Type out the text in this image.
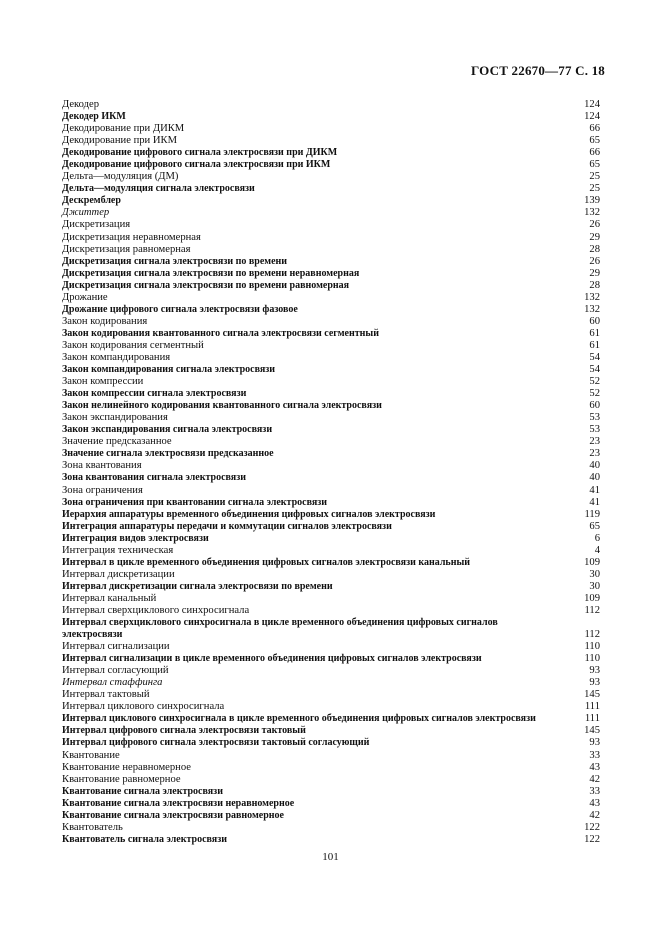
ГОСТ 22670—77 С. 18
Декодер	124
Декодер ИКМ	124
Декодирование при ДИКМ	66
Декодирование при ИКМ	65
Декодирование цифрового сигнала электросвязи при ДИКМ	66
Декодирование цифрового сигнала электросвязи при ИКМ	65
Дельта—модуляция (ДМ)	25
Дельта—модуляция сигнала электросвязи	25
Дескремблер	139
Джиттер	132
Дискретизация	26
Дискретизация неравномерная	29
Дискретизация равномерная	28
Дискретизация сигнала электросвязи по времени	26
Дискретизация сигнала электросвязи по времени неравномерная	29
Дискретизация сигнала электросвязи по времени равномерная	28
Дрожание	132
Дрожание цифрового сигнала электросвязи фазовое	132
Закон кодирования	60
Закон кодирования квантованного сигнала электросвязи сегментный	61
Закон кодирования сегментный	61
Закон компандирования	54
Закон компандирования сигнала электросвязи	54
Закон компрессии	52
Закон компрессии сигнала электросвязи	52
Закон нелинейного кодирования квантованного сигнала электросвязи	60
Закон экспандирования	53
Закон экспандирования сигнала электросвязи	53
Значение предсказанное	23
Значение сигнала электросвязи предсказанное	23
Зона квантования	40
Зона квантования сигнала электросвязи	40
Зона ограничения	41
Зона ограничения при квантовании сигнала электросвязи	41
Иерархия аппаратуры временного объединения цифровых сигналов электросвязи	119
Интеграция аппаратуры передачи и коммутации сигналов электросвязи	65
Интеграция видов электросвязи	6
Интеграция техническая	4
Интервал в цикле временного объединения цифровых сигналов электросвязи канальный	109
Интервал дискретизации	30
Интервал дискретизации сигнала электросвязи по времени	30
Интервал канальный	109
Интервал сверхциклового синхросигнала	112
Интервал сверхциклового синхросигнала в цикле временного объединения цифровых сигналов электросвязи	112
Интервал сигнализации	110
Интервал сигнализации в цикле временного объединения цифровых сигналов электросвязи	110
Интервал согласующий	93
Интервал стаффинга	93
Интервал тактовый	145
Интервал циклового синхросигнала	111
Интервал циклового синхросигнала в цикле временного объединения цифровых сигналов электросвязи	111
Интервал цифрового сигнала электросвязи тактовый	145
Интервал цифрового сигнала электросвязи тактовый согласующий	93
Квантование	33
Квантование неравномерное	43
Квантование равномерное	42
Квантование сигнала электросвязи	33
Квантование сигнала электросвязи неравномерное	43
Квантование сигнала электросвязи равномерное	42
Квантователь	122
Квантователь сигнала электросвязи	122
101
